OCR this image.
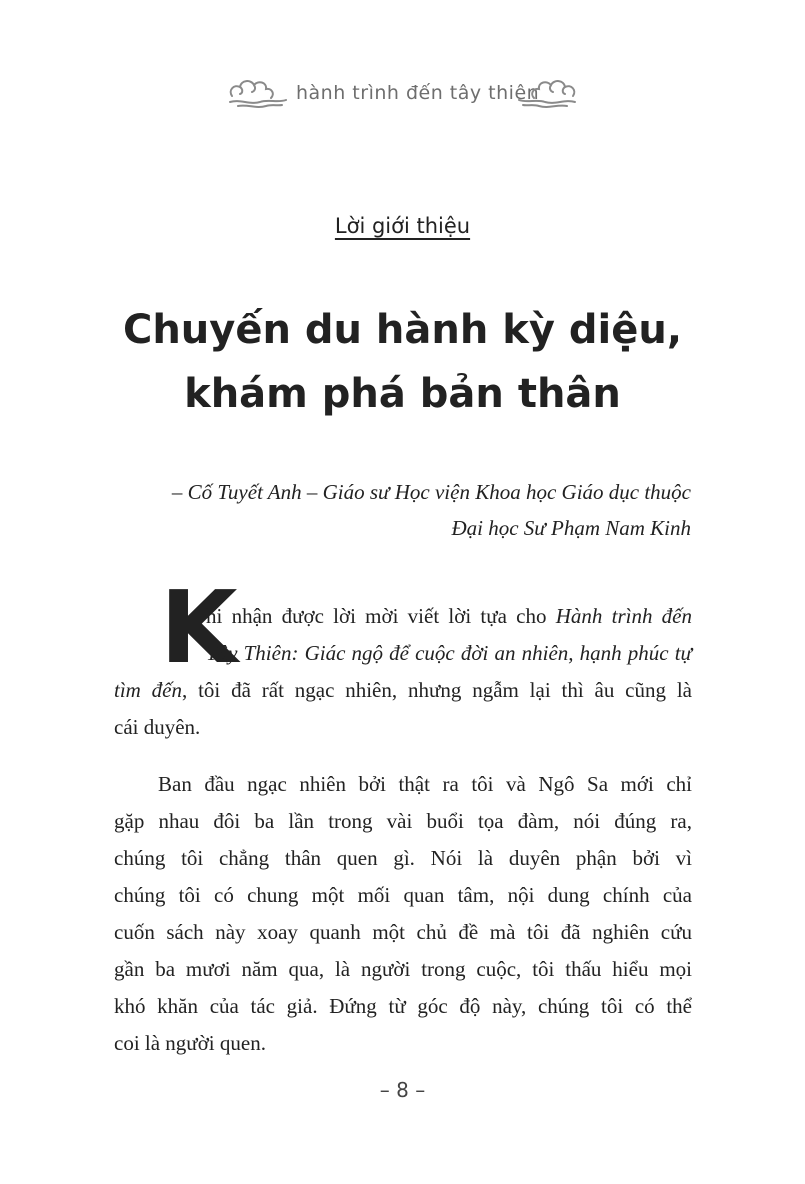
hành trình đến tây thiên
Lời giới thiệu
Chuyến du hành kỳ diệu,
khám phá bản thân
– Cố Tuyết Anh – Giáo sư Học viện Khoa học Giáo dục thuộc
Đại học Sư Phạm Nam Kinh
K
hi nhận được lời mời viết lời tựa cho Hành trình đến
Tây Thiên: Giác ngộ để cuộc đời an nhiên, hạnh phúc tự
tìm đến, tôi đã rất ngạc nhiên, nhưng ngẫm lại thì âu cũng là
cái duyên.
Ban đầu ngạc nhiên bởi thật ra tôi và Ngô Sa mới chỉ
gặp nhau đôi ba lần trong vài buổi tọa đàm, nói đúng ra,
chúng tôi chẳng thân quen gì. Nói là duyên phận bởi vì
chúng tôi có chung một mối quan tâm, nội dung chính của
cuốn sách này xoay quanh một chủ đề mà tôi đã nghiên cứu
gần ba mươi năm qua, là người trong cuộc, tôi thấu hiểu mọi
khó khăn của tác giả. Đứng từ góc độ này, chúng tôi có thể
coi là người quen.
– 8 –
